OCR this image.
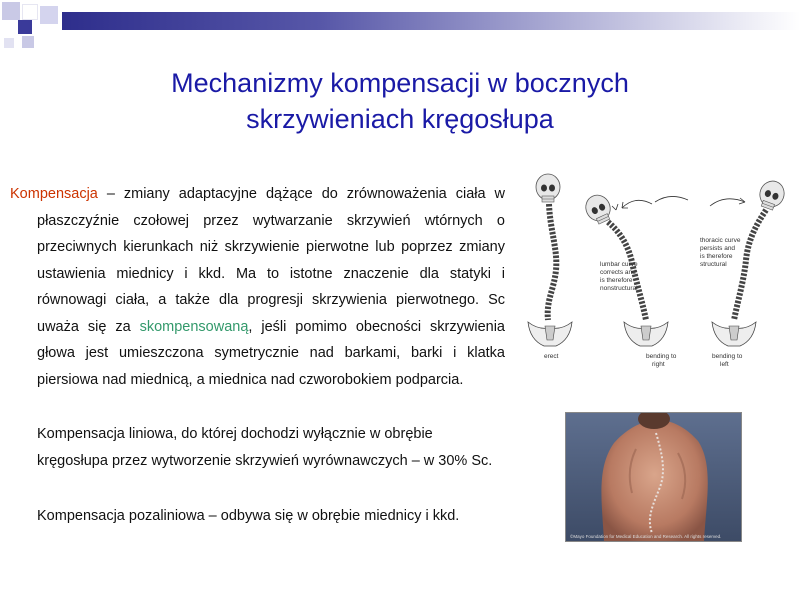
Mechanizmy kompensacji w bocznych
skrzywieniach kręgosłupa
Kompensacja – zmiany adaptacyjne dążące do zrównoważenia ciała w płaszczyźnie czołowej przez wytwarzanie skrzywień wtórnych o przeciwnych kierunkach niż skrzywienie pierwotne lub poprzez zmiany ustawienia miednicy i kkd. Ma to istotne znaczenie dla statyki i równowagi ciała, a także dla progresji skrzywienia pierwotnego. Sc uważa się za skompensowaną, jeśli pomimo obecności skrzywienia głowa jest umieszczona symetrycznie nad barkami, barki i klatka piersiowa nad miednicą, a miednica nad czworobokiem podparcia.
Kompensacja liniowa, do której dochodzi wyłącznie w obrębie kręgosłupa przez wytworzenie skrzywień wyrównawczych – w 30% Sc.
Kompensacja pozaliniowa – odbywa się w obrębie miednicy i kkd.
erect
lumbar curve
corrects and
is therefore
nonstructural
bending to
right
thoracic curve
persists and
is therefore
structural
bending to
left
©Mayo Foundation for Medical Education and Research. All rights reserved.
